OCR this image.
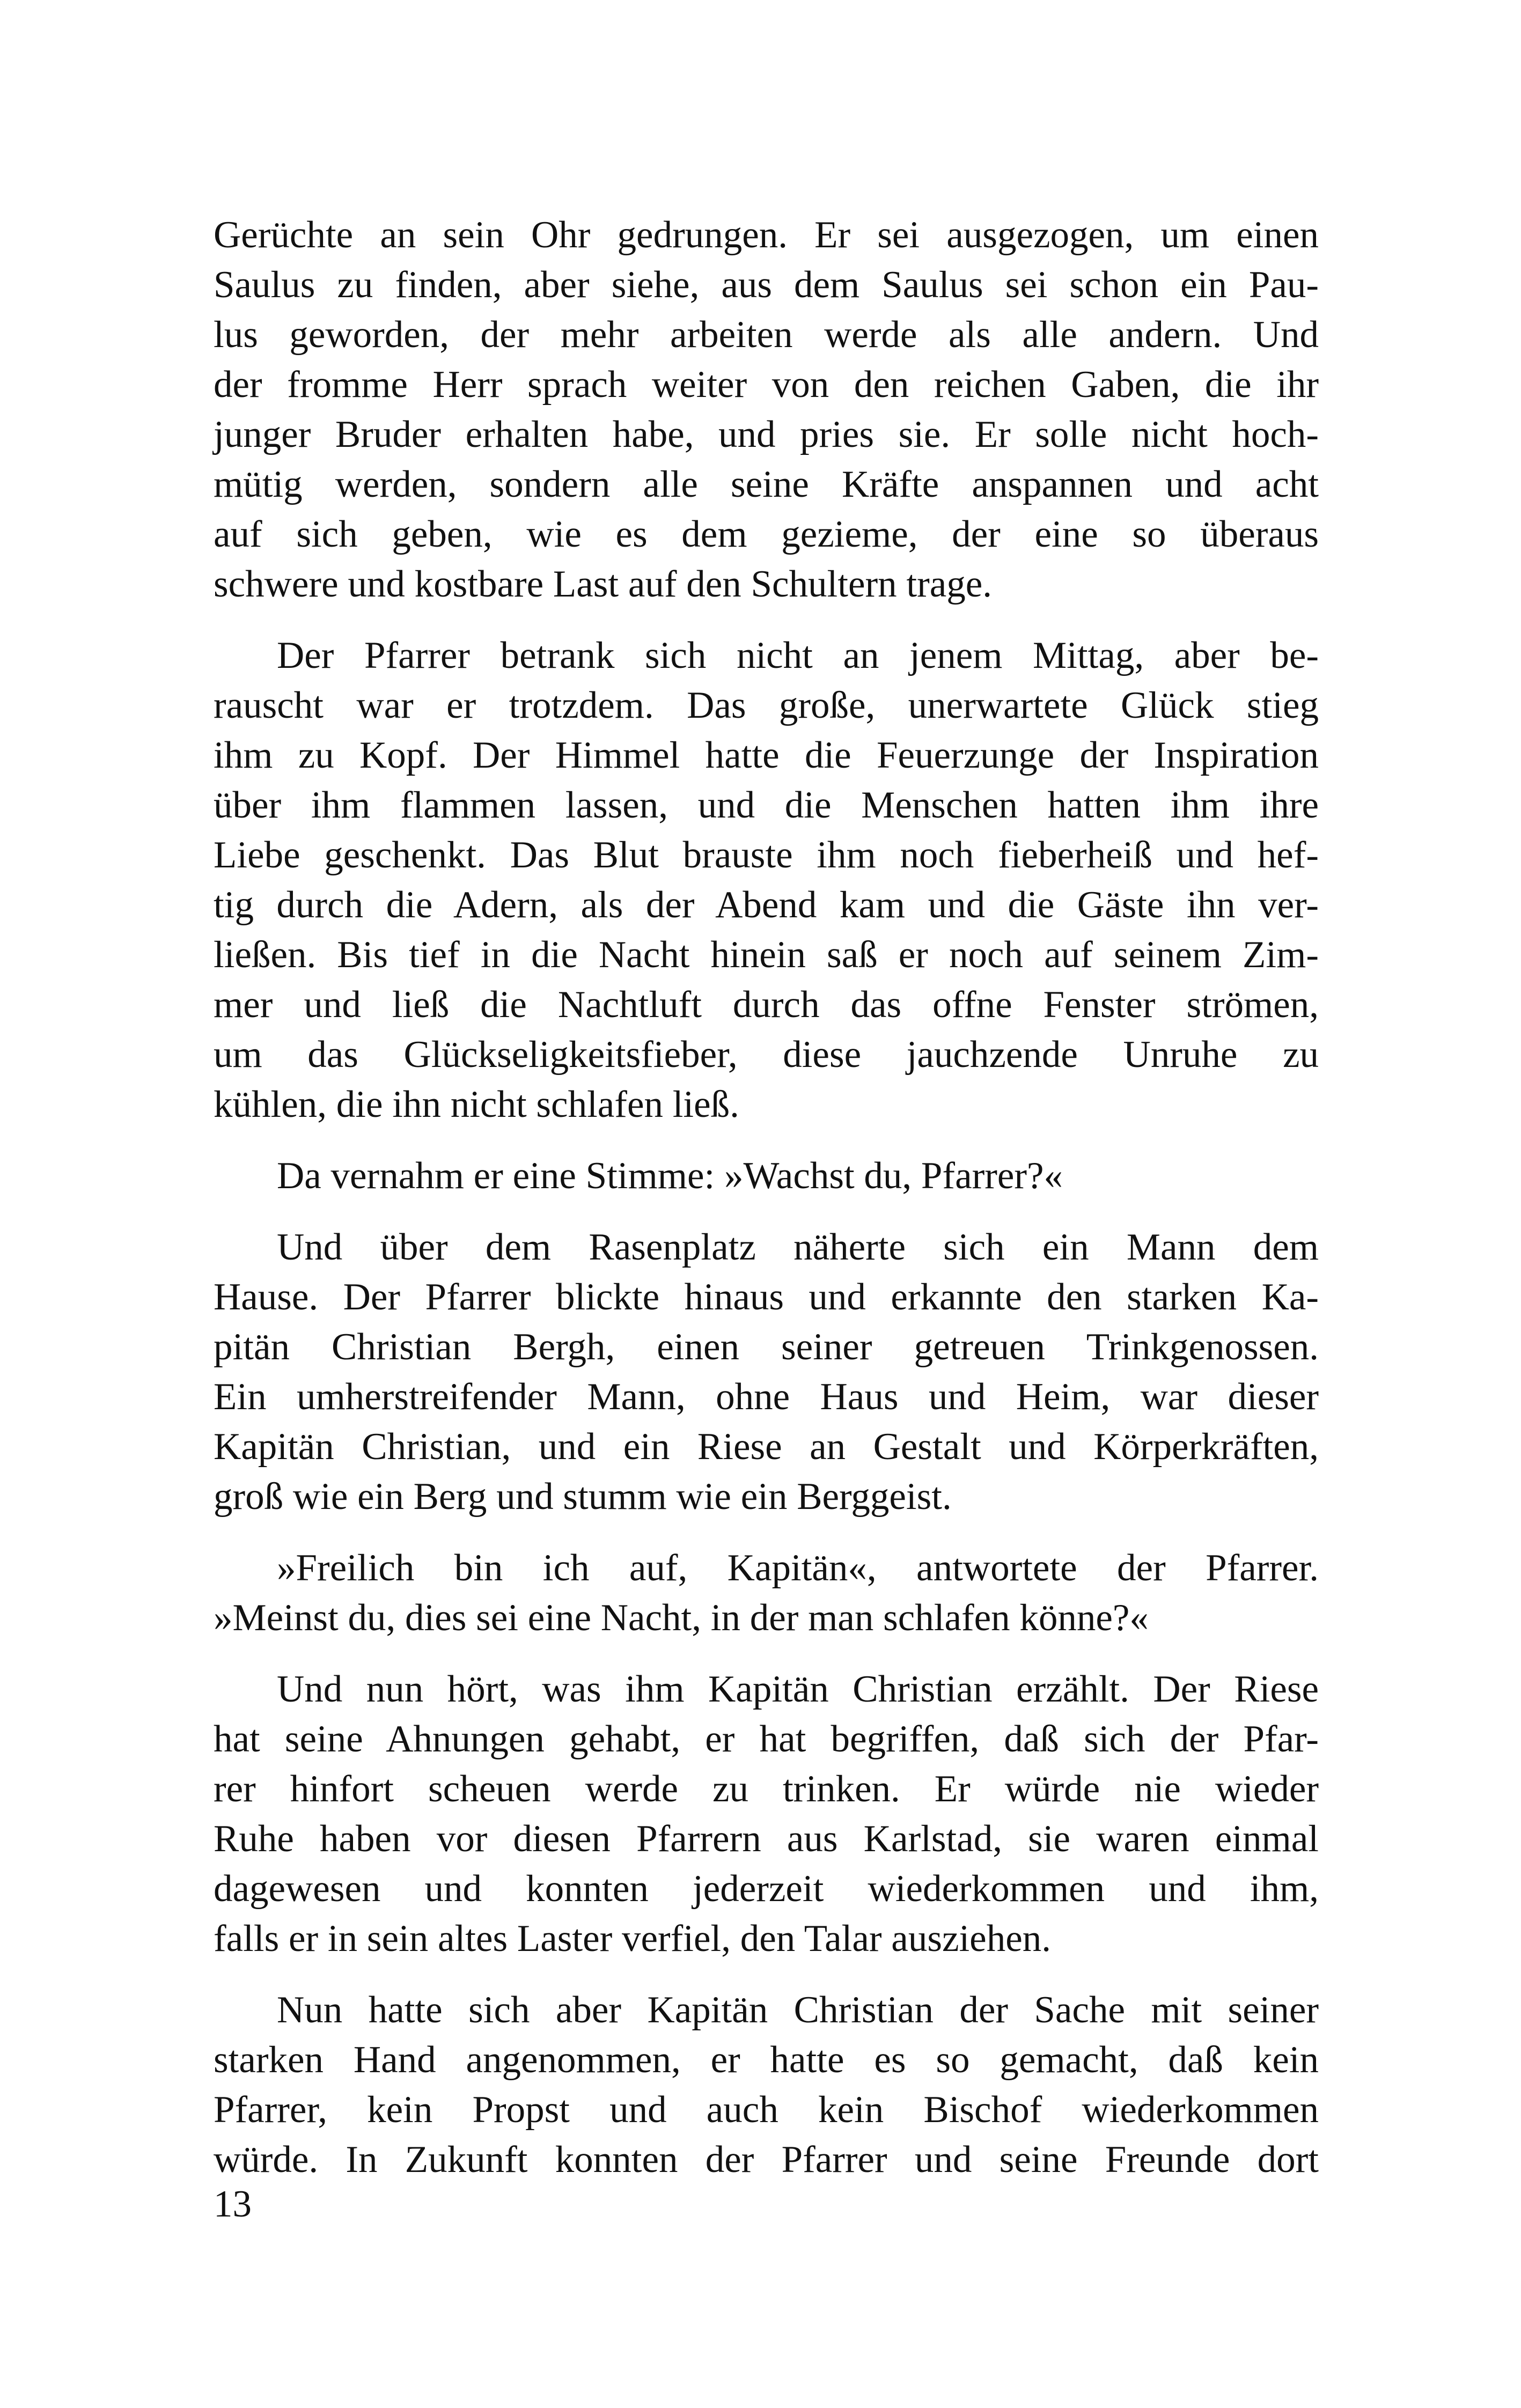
Gerüchte an sein Ohr gedrungen. Er sei ausgezogen, um einen
Saulus zu finden, aber siehe, aus dem Saulus sei schon ein Pau-
lus geworden, der mehr arbeiten werde als alle andern. Und
der fromme Herr sprach weiter von den reichen Gaben, die ihr
junger Bruder erhalten habe, und pries sie. Er solle nicht hoch-
mütig werden, sondern alle seine Kräfte anspannen und acht
auf sich geben, wie es dem gezieme, der eine so überaus
schwere und kostbare Last auf den Schultern trage.

Der Pfarrer betrank sich nicht an jenem Mittag, aber be-
rauscht war er trotzdem. Das große, unerwartete Glück stieg
ihm zu Kopf. Der Himmel hatte die Feuerzunge der Inspiration
über ihm flammen lassen, und die Menschen hatten ihm ihre
Liebe geschenkt. Das Blut brauste ihm noch fieberheiß und hef-
tig durch die Adern, als der Abend kam und die Gäste ihn ver-
ließen. Bis tief in die Nacht hinein saß er noch auf seinem Zim-
mer und ließ die Nachtluft durch das offne Fenster strömen,
um das Glückseligkeitsfieber, diese jauchzende Unruhe zu
kühlen, die ihn nicht schlafen ließ.

Da vernahm er eine Stimme: »Wachst du, Pfarrer?«

Und über dem Rasenplatz näherte sich ein Mann dem
Hause. Der Pfarrer blickte hinaus und erkannte den starken Ka-
pitän Christian Bergh, einen seiner getreuen Trinkgenossen.
Ein umherstreifender Mann, ohne Haus und Heim, war dieser
Kapitän Christian, und ein Riese an Gestalt und Körperkräften,
groß wie ein Berg und stumm wie ein Berggeist.

»Freilich bin ich auf, Kapitän«, antwortete der Pfarrer.
»Meinst du, dies sei eine Nacht, in der man schlafen könne?«

Und nun hört, was ihm Kapitän Christian erzählt. Der Riese
hat seine Ahnungen gehabt, er hat begriffen, daß sich der Pfar-
rer hinfort scheuen werde zu trinken. Er würde nie wieder
Ruhe haben vor diesen Pfarrern aus Karlstad, sie waren einmal
dagewesen und konnten jederzeit wiederkommen und ihm,
falls er in sein altes Laster verfiel, den Talar ausziehen.

Nun hatte sich aber Kapitän Christian der Sache mit seiner
starken Hand angenommen, er hatte es so gemacht, daß kein
Pfarrer, kein Propst und auch kein Bischof wiederkommen
würde. In Zukunft konnten der Pfarrer und seine Freunde dort

13
